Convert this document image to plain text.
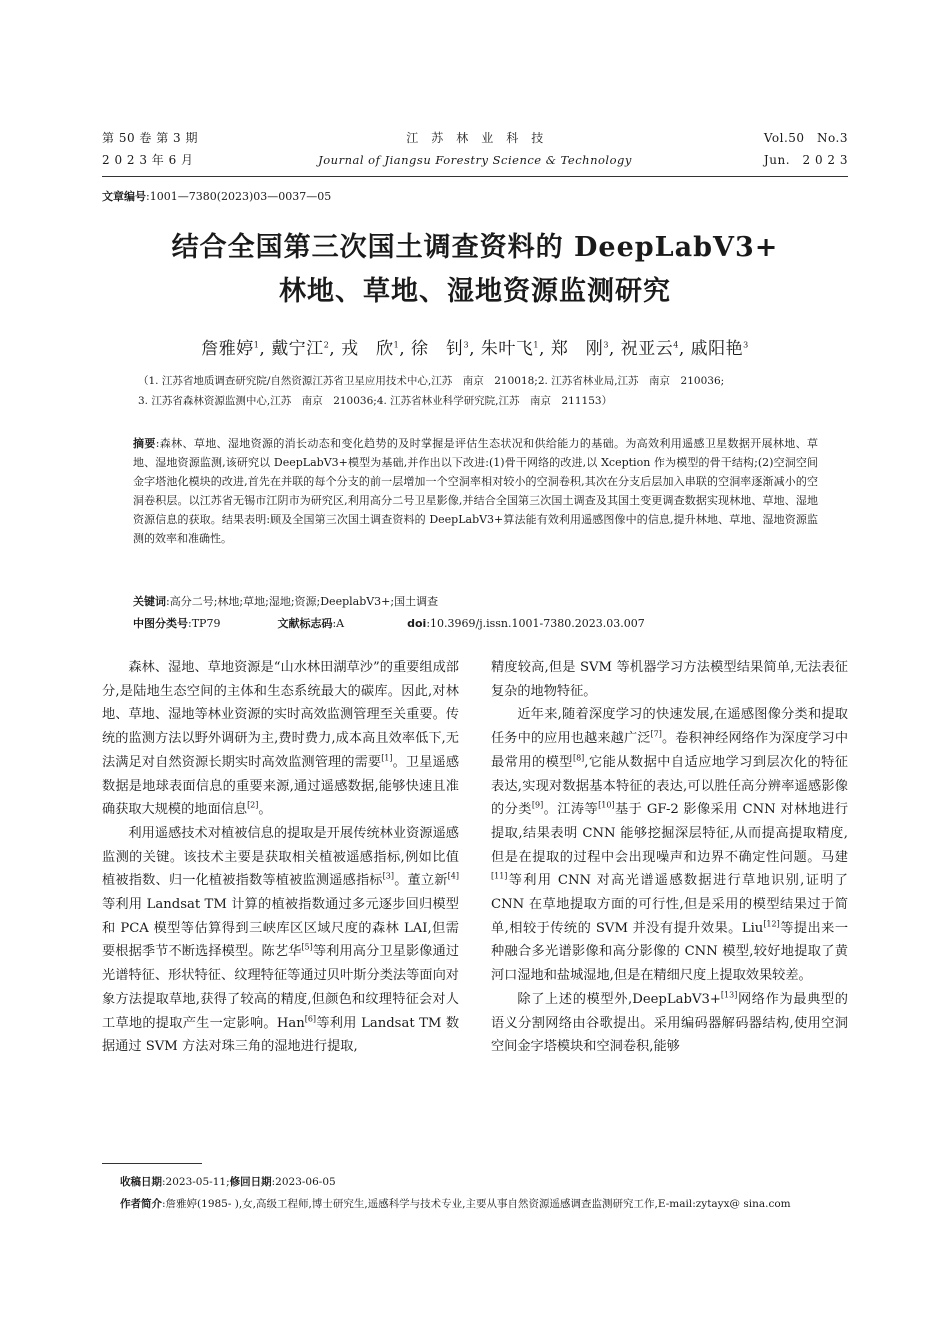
第 50 卷 第 3 期
2 0 2 3 年 6 月
江　苏　林　业　科　技
Journal of Jiangsu Forestry Science & Technology
Vol.50　No.3
Jun.　2 0 2 3
文章编号:1001—7380(2023)03—0037—05
结合全国第三次国土调查资料的 DeepLabV3+
林地、草地、湿地资源监测研究
詹雅婷$^1$, 戴宁江$^2$, 戎　欣$^1$, 徐　钊$^3$, 朱叶飞$^1$, 郑　刚$^3$, 祝亚云$^4$, 戚阳艳$^3$
（1. 江苏省地质调查研究院/自然资源江苏省卫星应用技术中心,江苏　南京　210018;2. 江苏省林业局,江苏　南京　210036;
3. 江苏省森林资源监测中心,江苏　南京　210036;4. 江苏省林业科学研究院,江苏　南京　211153）
摘要:森林、草地、湿地资源的消长动态和变化趋势的及时掌握是评估生态状况和供给能力的基础。为高效利用遥感卫星数据开展林地、草地、湿地资源监测,该研究以 DeepLabV3+模型为基础,并作出以下改进:(1)骨干网络的改进,以 Xception 作为模型的骨干结构;(2)空洞空间金字塔池化模块的改进,首先在并联的每个分支的前一层增加一个空洞率相对较小的空洞卷积,其次在分支后层加入串联的空洞率逐渐减小的空洞卷积层。以江苏省无锡市江阴市为研究区,利用高分二号卫星影像,并结合全国第三次国土调查及其国土变更调查数据实现林地、草地、湿地资源信息的获取。结果表明:顾及全国第三次国土调查资料的 DeepLabV3+算法能有效利用遥感图像中的信息,提升林地、草地、湿地资源监测的效率和准确性。
关键词:高分二号;林地;草地;湿地;资源;DeeplabV3+;国土调查
中图分类号:TP79	文献标志码:A	doi:10.3969/j.issn.1001-7380.2023.03.007

森林、湿地、草地资源是“山水林田湖草沙”的重要组成部分,是陆地生态空间的主体和生态系统最大的碳库。因此,对林地、草地、湿地等林业资源的实时高效监测管理至关重要。传统的监测方法以野外调研为主,费时费力,成本高且效率低下,无法满足对自然资源长期实时高效监测管理的需要[1]。卫星遥感数据是地球表面信息的重要来源,通过遥感数据,能够快速且准确获取大规模的地面信息[2]。

利用遥感技术对植被信息的提取是开展传统林业资源遥感监测的关键。该技术主要是获取相关植被遥感指标,例如比值植被指数、归一化植被指数等植被监测遥感指标[3]。董立新[4]等利用 Landsat TM 计算的植被指数通过多元逐步回归模型和 PCA 模型等估算得到三峡库区区域尺度的森林 LAI,但需要根据季节不断选择模型。陈艺华[5]等利用高分卫星影像通过光谱特征、形状特征、纹理特征等通过贝叶斯分类法等面向对象方法提取草地,获得了较高的精度,但颜色和纹理特征会对人工草地的提取产生一定影响。Han[6]等利用 Landsat TM 数据通过 SVM 方法对珠三角的湿地进行提取,

精度较高,但是 SVM 等机器学习方法模型结果简单,无法表征复杂的地物特征。

近年来,随着深度学习的快速发展,在遥感图像分类和提取任务中的应用也越来越广泛[7]。卷积神经网络作为深度学习中最常用的模型[8],它能从数据中自适应地学习到层次化的特征表达,实现对数据基本特征的表达,可以胜任高分辨率遥感影像的分类[9]。江涛等[10]基于 GF-2 影像采用 CNN 对林地进行提取,结果表明 CNN 能够挖掘深层特征,从而提高提取精度,但是在提取的过程中会出现噪声和边界不确定性问题。马建[11]等利用 CNN 对高光谱遥感数据进行草地识别,证明了 CNN 在草地提取方面的可行性,但是采用的模型结果过于简单,相较于传统的 SVM 并没有提升效果。Liu[12]等提出来一种融合多光谱影像和高分影像的 CNN 模型,较好地提取了黄河口湿地和盐城湿地,但是在精细尺度上提取效果较差。

除了上述的模型外,DeepLabV3+[13]网络作为最典型的语义分割网络由谷歌提出。采用编码器解码器结构,使用空洞空间金字塔模块和空洞卷积,能够

收稿日期:2023-05-11;修回日期:2023-06-05
作者简介:詹雅婷(1985- ),女,高级工程师,博士研究生,遥感科学与技术专业,主要从事自然资源遥感调查监测研究工作,E-mail:zytayx@ sina.com
